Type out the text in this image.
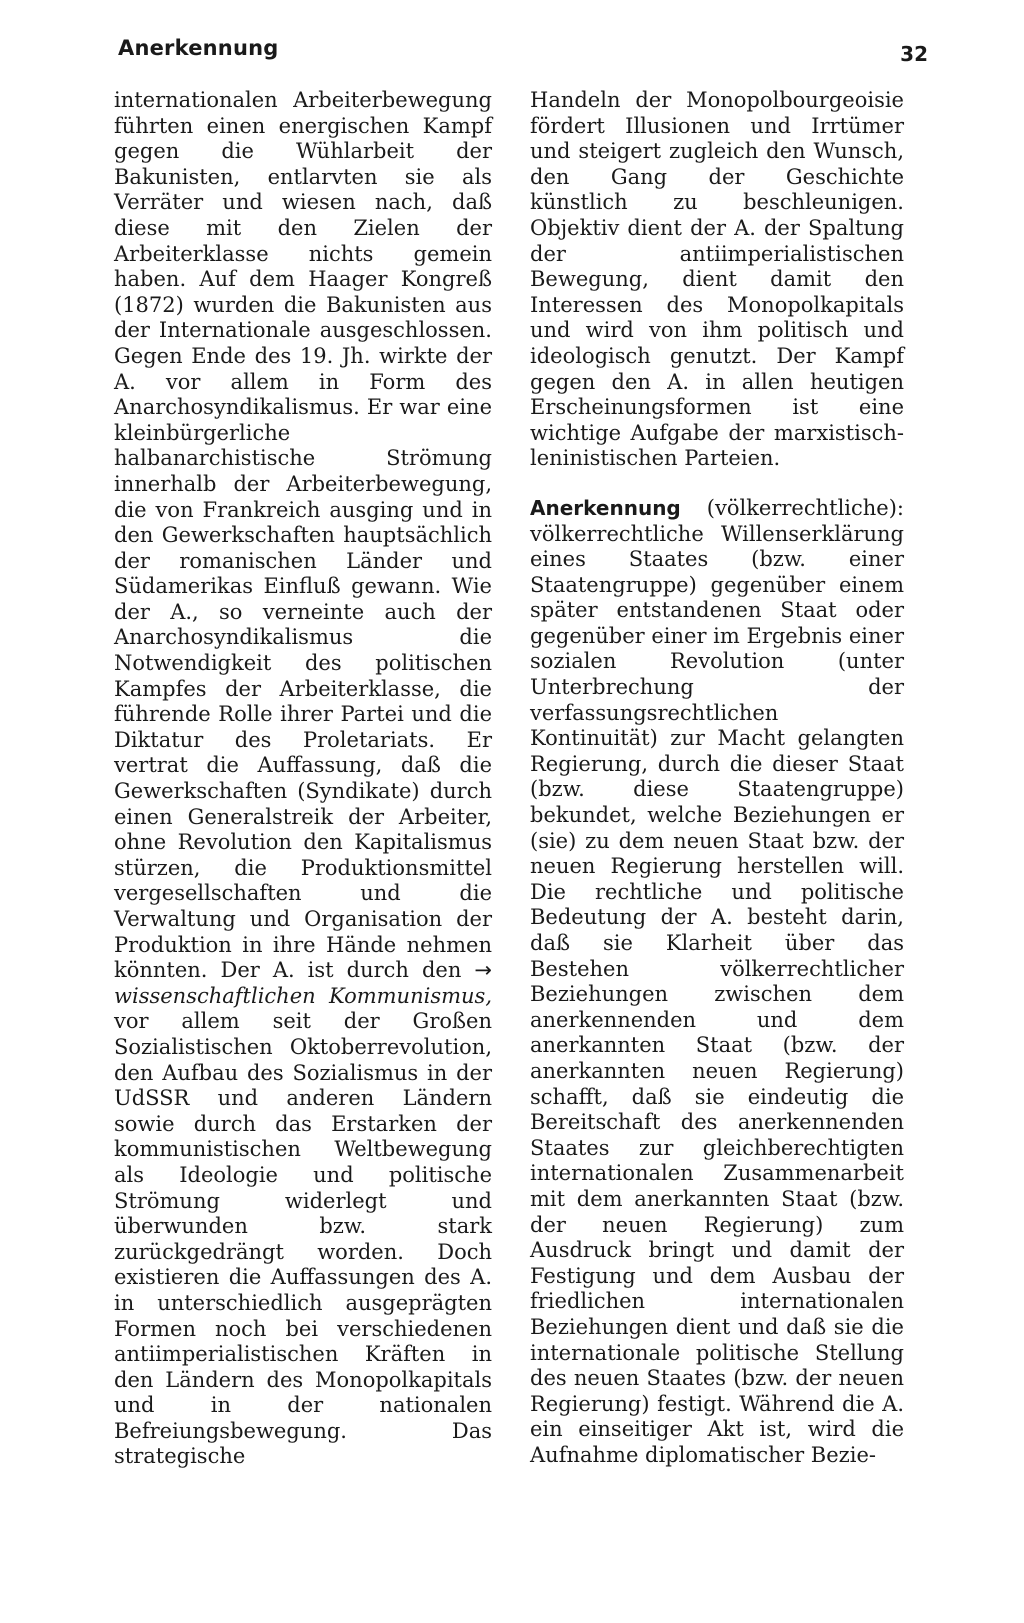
Anerkennung	32

internationalen Arbeiterbewegung führten einen energischen Kampf gegen die Wühlarbeit der Bakunisten, entlarvten sie als Verräter und wiesen nach, daß diese mit den Zielen der Arbeiterklasse nichts gemein haben. Auf dem Haager Kongreß (1872) wurden die Bakunisten aus der Internationale ausgeschlossen. Gegen Ende des 19. Jh. wirkte der A. vor allem in Form des Anarchosyndikalismus. Er war eine kleinbürgerliche halbanarchistische Strömung innerhalb der Arbeiterbewegung, die von Frankreich ausging und in den Gewerkschaften hauptsächlich der romanischen Länder und Südamerikas Einfluß gewann. Wie der A., so verneinte auch der Anarchosyndikalismus die Notwendigkeit des politischen Kampfes der Arbeiterklasse, die führende Rolle ihrer Partei und die Diktatur des Proletariats. Er vertrat die Auffassung, daß die Gewerkschaften (Syndikate) durch einen Generalstreik der Arbeiter, ohne Revolution den Kapitalismus stürzen, die Produktionsmittel vergesellschaften und die Verwaltung und Organisation der Produktion in ihre Hände nehmen könnten. Der A. ist durch den → wissenschaftlichen Kommunismus, vor allem seit der Großen Sozialistischen Oktoberrevolution, den Aufbau des Sozialismus in der UdSSR und anderen Ländern sowie durch das Erstarken der kommunistischen Weltbewegung als Ideologie und politische Strömung widerlegt und überwunden bzw. stark zurückgedrängt worden. Doch existieren die Auffassungen des A. in unterschiedlich ausgeprägten Formen noch bei verschiedenen antiimperialistischen Kräften in den Ländern des Monopolkapitals und in der nationalen Befreiungsbewegung. Das strategische

Handeln der Monopolbourgeoisie fördert Illusionen und Irrtümer und steigert zugleich den Wunsch, den Gang der Geschichte künstlich zu beschleunigen. Objektiv dient der A. der Spaltung der antiimperialistischen Bewegung, dient damit den Interessen des Monopolkapitals und wird von ihm politisch und ideologisch genutzt. Der Kampf gegen den A. in allen heutigen Erscheinungsformen ist eine wichtige Aufgabe der marxistisch-leninistischen Parteien.

Anerkennung (völkerrechtliche): völkerrechtliche Willenserklärung eines Staates (bzw. einer Staatengruppe) gegenüber einem später entstandenen Staat oder gegenüber einer im Ergebnis einer sozialen Revolution (unter Unterbrechung der verfassungsrechtlichen Kontinuität) zur Macht gelangten Regierung, durch die dieser Staat (bzw. diese Staatengruppe) bekundet, welche Beziehungen er (sie) zu dem neuen Staat bzw. der neuen Regierung herstellen will. Die rechtliche und politische Bedeutung der A. besteht darin, daß sie Klarheit über das Bestehen völkerrechtlicher Beziehungen zwischen dem anerkennenden und dem anerkannten Staat (bzw. der anerkannten neuen Regierung) schafft, daß sie eindeutig die Bereitschaft des anerkennenden Staates zur gleichberechtigten internationalen Zusammenarbeit mit dem anerkannten Staat (bzw. der neuen Regierung) zum Ausdruck bringt und damit der Festigung und dem Ausbau der friedlichen internationalen Beziehungen dient und daß sie die internationale politische Stellung des neuen Staates (bzw. der neuen Regierung) festigt. Während die A. ein einseitiger Akt ist, wird die Aufnahme diplomatischer Bezie-
